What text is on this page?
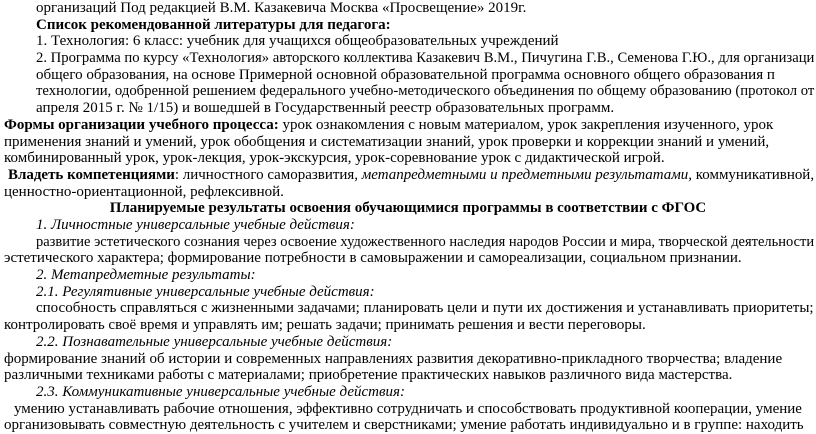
организаций Под редакцией В.М. Казакевича Москва «Просвещение» 2019г.
Список рекомендованной литературы для педагога:
1. Технология: 6 класс: учебник для учащихся общеобразовательных учреждений
2. Программа по курсу «Технология» авторского коллектива Казакевич В.М., Пичугина Г.В., Семенова Г.Ю., для организаци
общего образования, на основе Примерной основной образовательной программа основного общего образования п
технологии, одобренной решением федерального учебно-методического объединения по общему образованию (протокол от
апреля 2015 г. № 1/15) и вошедшей в Государственный реестр образовательных программ.
Формы организации учебного процесса: урок ознакомления с новым материалом, урок закрепления изученного, урок
применения знаний и умений, урок обобщения и систематизации знаний, урок проверки и коррекции знаний и умений,
комбинированный урок, урок-лекция, урок-экскурсия, урок-соревнование урок с дидактической игрой.
Владеть компетенциями: личностного саморазвития, метапредметными и предметными результатами, коммуникативной,
ценностно-ориентационной, рефлексивной.
Планируемые результаты освоения обучающимися программы в соответствии с ФГОС
1. Личностные универсальные учебные действия:
развитие эстетического сознания через освоение художественного наследия народов России и мира, творческой деятельности
эстетического характера; формирование потребности в самовыражении и самореализации, социальном признании.
2. Метапредметные результаты:
2.1. Регулятивные универсальные учебные действия:
способность справляться с жизненными задачами; планировать цели и пути их достижения и устанавливать приоритеты;
контролировать своё время и управлять им; решать задачи; принимать решения и вести переговоры.
2.2. Познавательные универсальные учебные действия:
формирование знаний об истории и современных направлениях развития декоративно-прикладного творчества; владение
различными техниками работы с материалами; приобретение практических навыков различного вида мастерства.
2.3. Коммуникативные универсальные учебные действия:
умению устанавливать рабочие отношения, эффективно сотрудничать и способствовать продуктивной кооперации, умение
организовывать совместную деятельность с учителем и сверстниками; умение работать индивидуально и в группе: находить
